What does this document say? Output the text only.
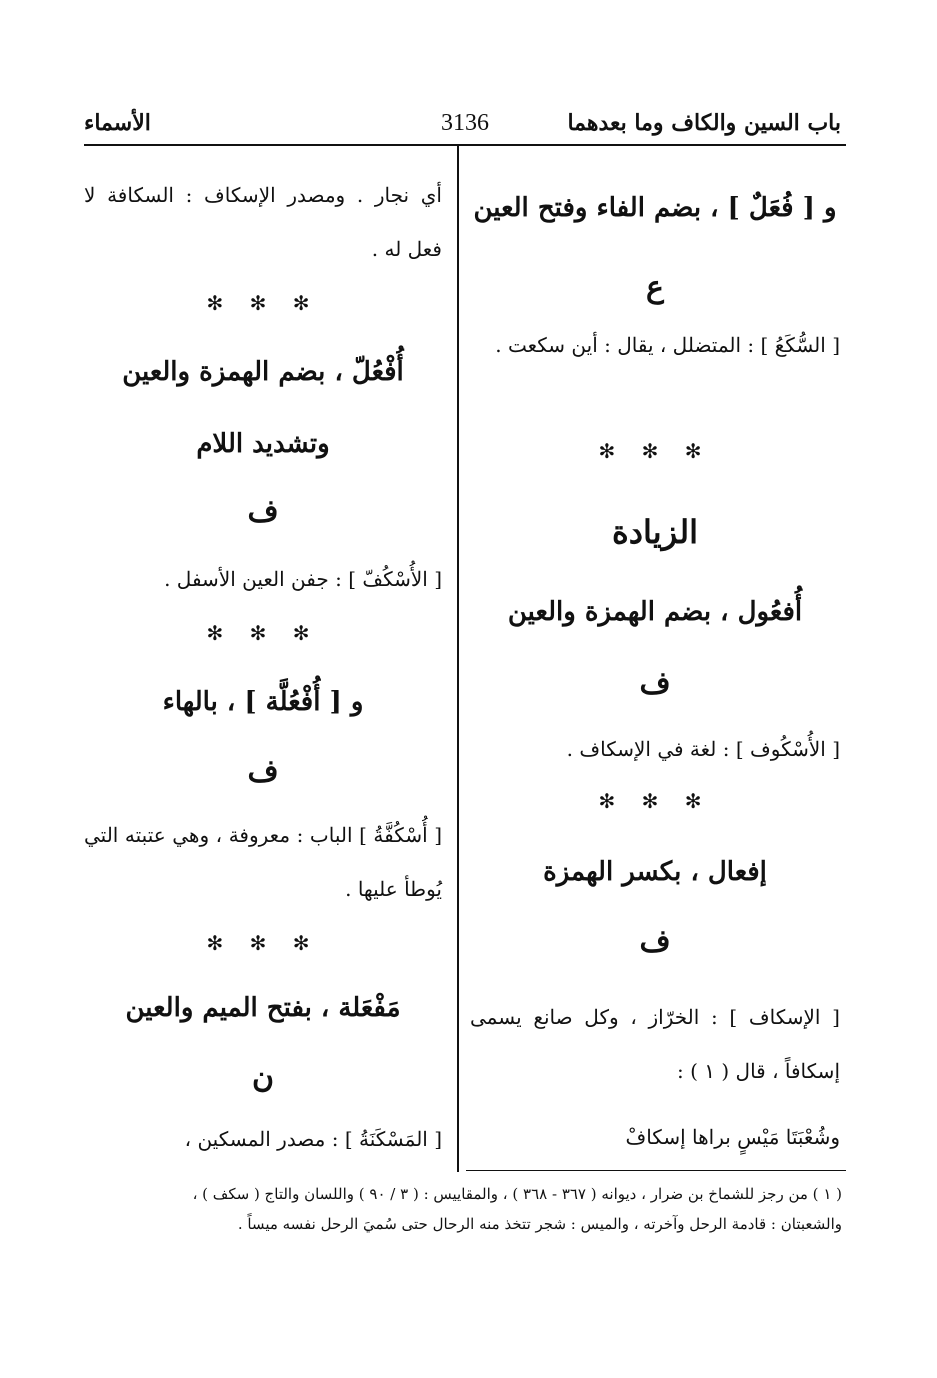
باب السين والكاف وما بعدهما
3136
الأسماء
و [ فُعَلٌ ] ، بضم الفاء وفتح العين
ع
[ السُّكَعُ ] : المتضلل ، يقال : أين سكعت .
✻ ✻ ✻
الزيادة
أُفعُول ، بضم الهمزة والعين
ف
[ الأُسْكُوف ] : لغة في الإسكاف .
✻ ✻ ✻
إفعال ، بكسر الهمزة
ف
[ الإسكاف ] : الخرّاز ، وكل صانع يسمى إسكافاً ، قال ( ١ ) :
وشُعْبَتَا مَيْسٍ براها إسكافْ
أي نجار . ومصدر الإسكاف : السكافة لا فعل له .
✻ ✻ ✻
أُفْعُلّ ، بضم الهمزة والعين
وتشديد اللام
ف
[ الأُسْكُفّ ] : جفن العين الأسفل .
✻ ✻ ✻
و [ أُفْعُلَّة ] ، بالهاء
ف
[ أُسْكُفَّةُ ] الباب : معروفة ، وهي عتبته التي يُوطأ عليها .
✻ ✻ ✻
مَفْعَلة ، بفتح الميم والعين
ن
[ المَسْكَنَةُ ] : مصدر المسكين ،
( ١ ) من رجز للشماخ بن ضرار ، ديوانه ( ٣٦٧ - ٣٦٨ ) ، والمقاييس : ( ٣ / ٩٠ ) واللسان والتاج ( سكف ) ،
والشعبتان : قادمة الرحل وآخرته ، والميس : شجر تتخذ منه الرحال حتى سُميَ الرحل نفسه ميساً .
